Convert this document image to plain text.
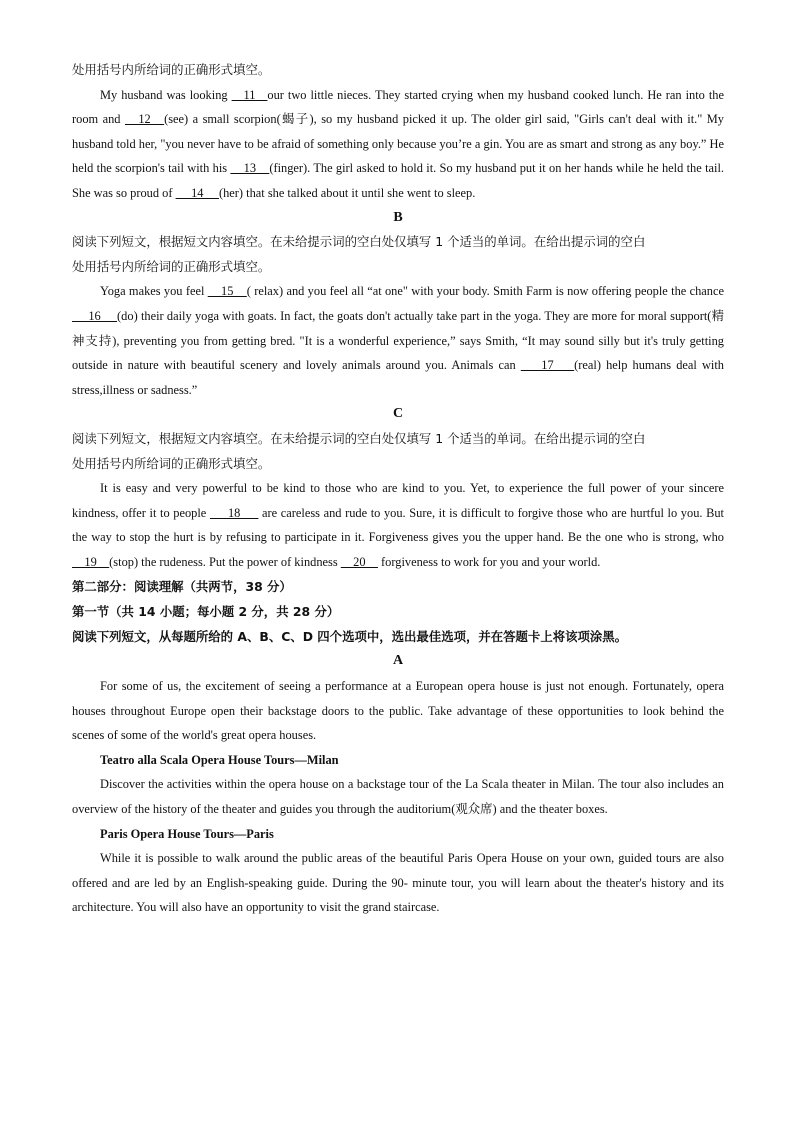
处用括号内所给词的正确形式填空。

My husband was looking    11   our two little nieces. They started crying when my husband cooked lunch. He ran into the room and    12   (see) a small scorpion(蝎子), so my husband picked it up. The older girl said, "Girls can't deal with it." My husband told her, "you never have to be afraid of something only because you’re a gin. You are as smart and strong as any boy.” He held the scorpion's tail with his     13    (finger). The girl asked to hold it. So my husband put it on her hands while he held the tail. She was so proud of      14     (her) that she talked about it until she went to sleep.

B

阅读下列短文，根据短文内容填空。在未给提示词的空白处仅填写 1 个适当的单词。在给出提示词的空白

处用括号内所给词的正确形式填空。

Yoga makes you feel     15    ( relax) and you feel all “at one" with your body. Smith Farm is now offering people the chance      16     (do) their daily yoga with goats. In fact, the goats don't actually take part in the yoga. They are more for moral support(精神支持), preventing you from getting bred. "It is a wonderful experience,” says Smith, “It may sound silly but it's truly getting outside in nature with beautiful scenery and lovely animals around you. Animals can     17    (real) help humans deal with stress,illness or sadness.”

C

阅读下列短文，根据短文内容填空。在未给提示词的空白处仅填写 1 个适当的单词。在给出提示词的空白

处用括号内所给词的正确形式填空。

It is easy and very powerful to be kind to those who are kind to you. Yet, to experience the full power of your sincere kindness, offer it to people      18      are careless and rude to you. Sure, it is difficult to forgive those who are hurtful lo you. But the way to stop the hurt is by refusing to participate in it. Forgiveness gives you the upper hand. Be the one who is strong, who     19    (stop) the rudeness. Put the power of kindness     20     forgiveness to work for you and your world.

第二部分：阅读理解（共两节，38 分）

第一节（共 14 小题；每小题 2 分，共 28 分）

阅读下列短文，从每题所给的 A、B、C、D 四个选项中，选出最佳选项，并在答题卡上将该项涂黑。

A

For some of us, the excitement of seeing a performance at a European opera house is just not enough. Fortunately, opera houses throughout Europe open their backstage doors to the public. Take advantage of these opportunities to look behind the scenes of some of the world's great opera houses.

Teatro alla Scala Opera House Tours—Milan

Discover the activities within the opera house on a backstage tour of the La Scala theater in Milan. The tour also includes an overview of the history of the theater and guides you through the auditorium(观众席) and the theater boxes.

Paris Opera House Tours—Paris

While it is possible to walk around the public areas of the beautiful Paris Opera House on your own, guided tours are also offered and are led by an English-speaking guide. During the 90- minute tour, you will learn about the theater's history and its architecture. You will also have an opportunity to visit the grand staircase.
